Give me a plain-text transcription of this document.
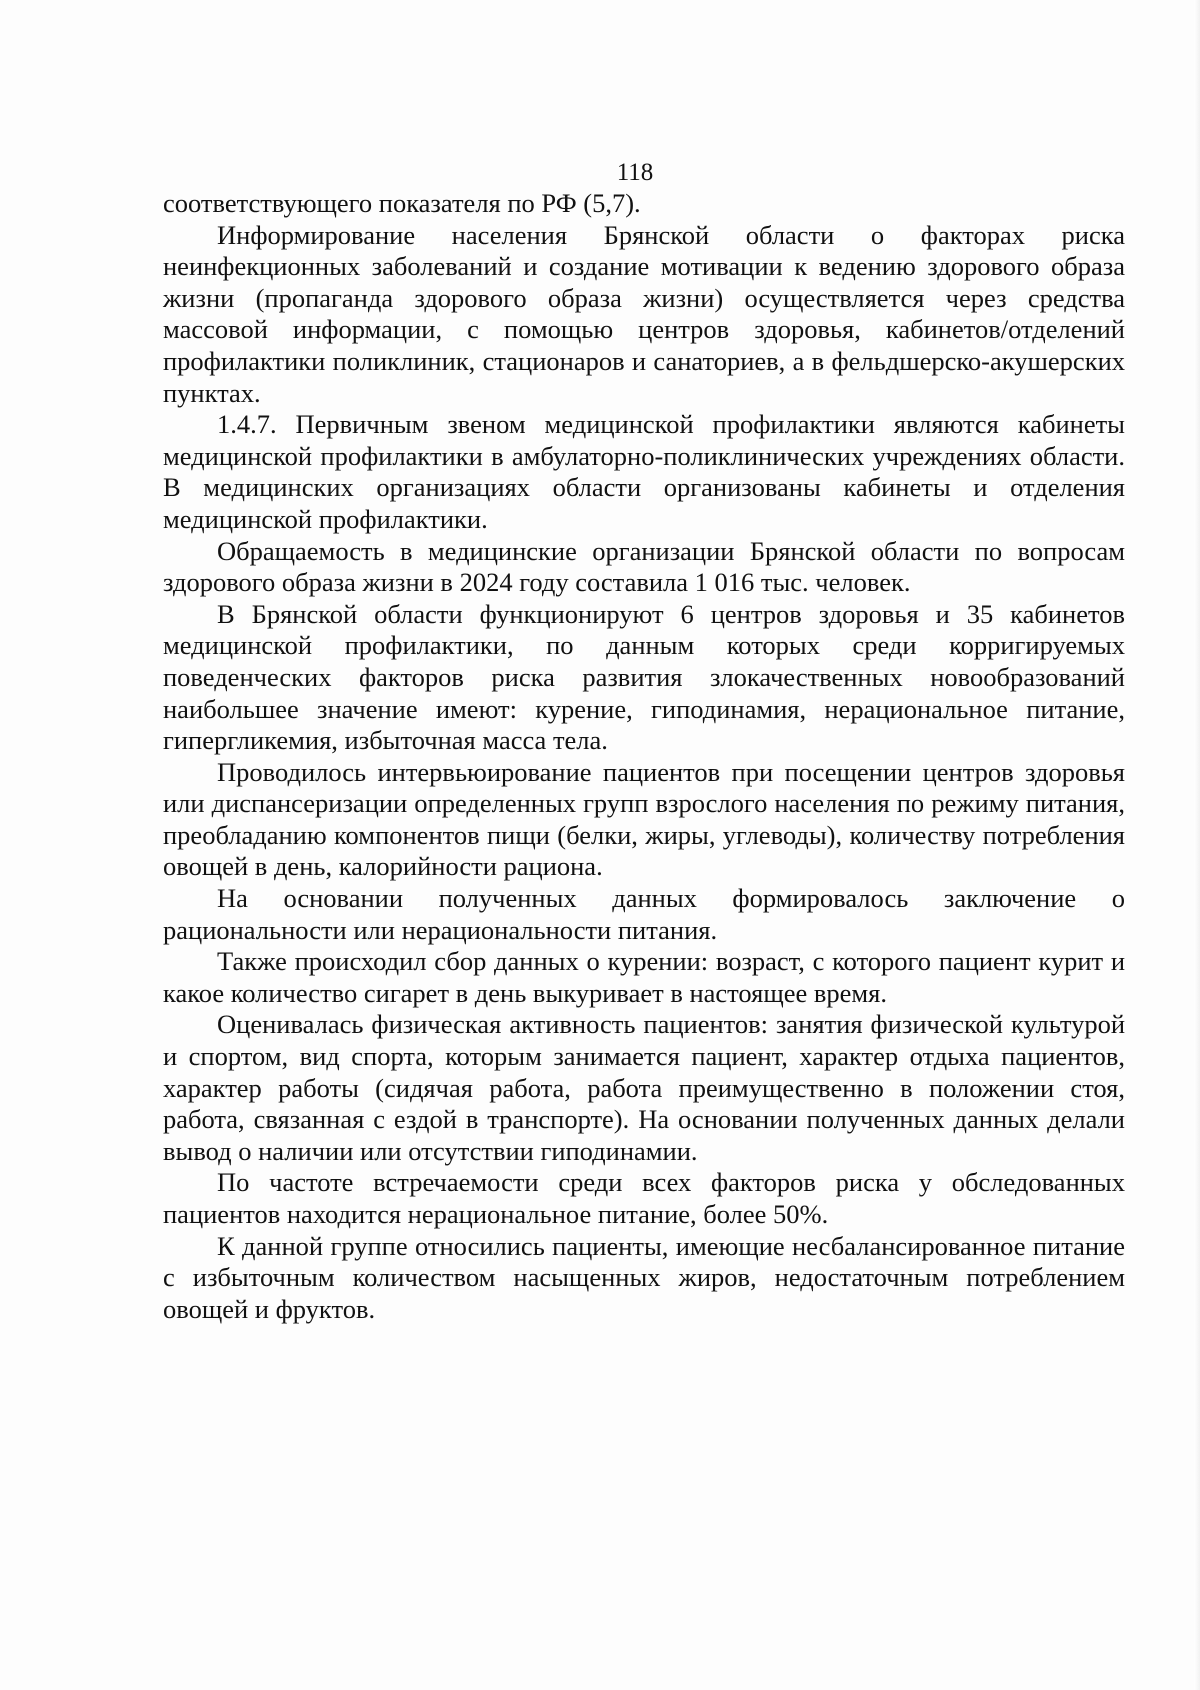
118

соответствующего показателя по РФ (5,7).

Информирование населения Брянской области о факторах риска неинфекционных заболеваний и создание мотивации к ведению здорового образа жизни (пропаганда здорового образа жизни) осуществляется через средства массовой информации, с помощью центров здоровья, кабинетов/отделений профилактики поликлиник, стационаров и санаториев, а в фельдшерско-акушерских пунктах.

1.4.7. Первичным звеном медицинской профилактики являются кабинеты медицинской профилактики в амбулаторно-поликлинических учреждениях области. В медицинских организациях области организованы кабинеты и отделения медицинской профилактики.

Обращаемость в медицинские организации Брянской области по вопросам здорового образа жизни в 2024 году составила 1 016 тыс. человек.

В Брянской области функционируют 6 центров здоровья и 35 кабинетов медицинской профилактики, по данным которых среди корригируемых поведенческих факторов риска развития злокачественных новообразований наибольшее значение имеют: курение, гиподинамия, нерациональное питание, гипергликемия, избыточная масса тела.

Проводилось интервьюирование пациентов при посещении центров здоровья или диспансеризации определенных групп взрослого населения по режиму питания, преобладанию компонентов пищи (белки, жиры, углеводы), количеству потребления овощей в день, калорийности рациона.

На основании полученных данных формировалось заключение о рациональности или нерациональности питания.

Также происходил сбор данных о курении: возраст, с которого пациент курит и какое количество сигарет в день выкуривает в настоящее время.

Оценивалась физическая активность пациентов: занятия физической культурой и спортом, вид спорта, которым занимается пациент, характер отдыха пациентов, характер работы (сидячая работа, работа преимущественно в положении стоя, работа, связанная с ездой в транспорте). На основании полученных данных делали вывод о наличии или отсутствии гиподинамии.

По частоте встречаемости среди всех факторов риска у обследованных пациентов находится нерациональное питание, более 50%.

К данной группе относились пациенты, имеющие несбалансированное питание с избыточным количеством насыщенных жиров, недостаточным потреблением овощей и фруктов.
